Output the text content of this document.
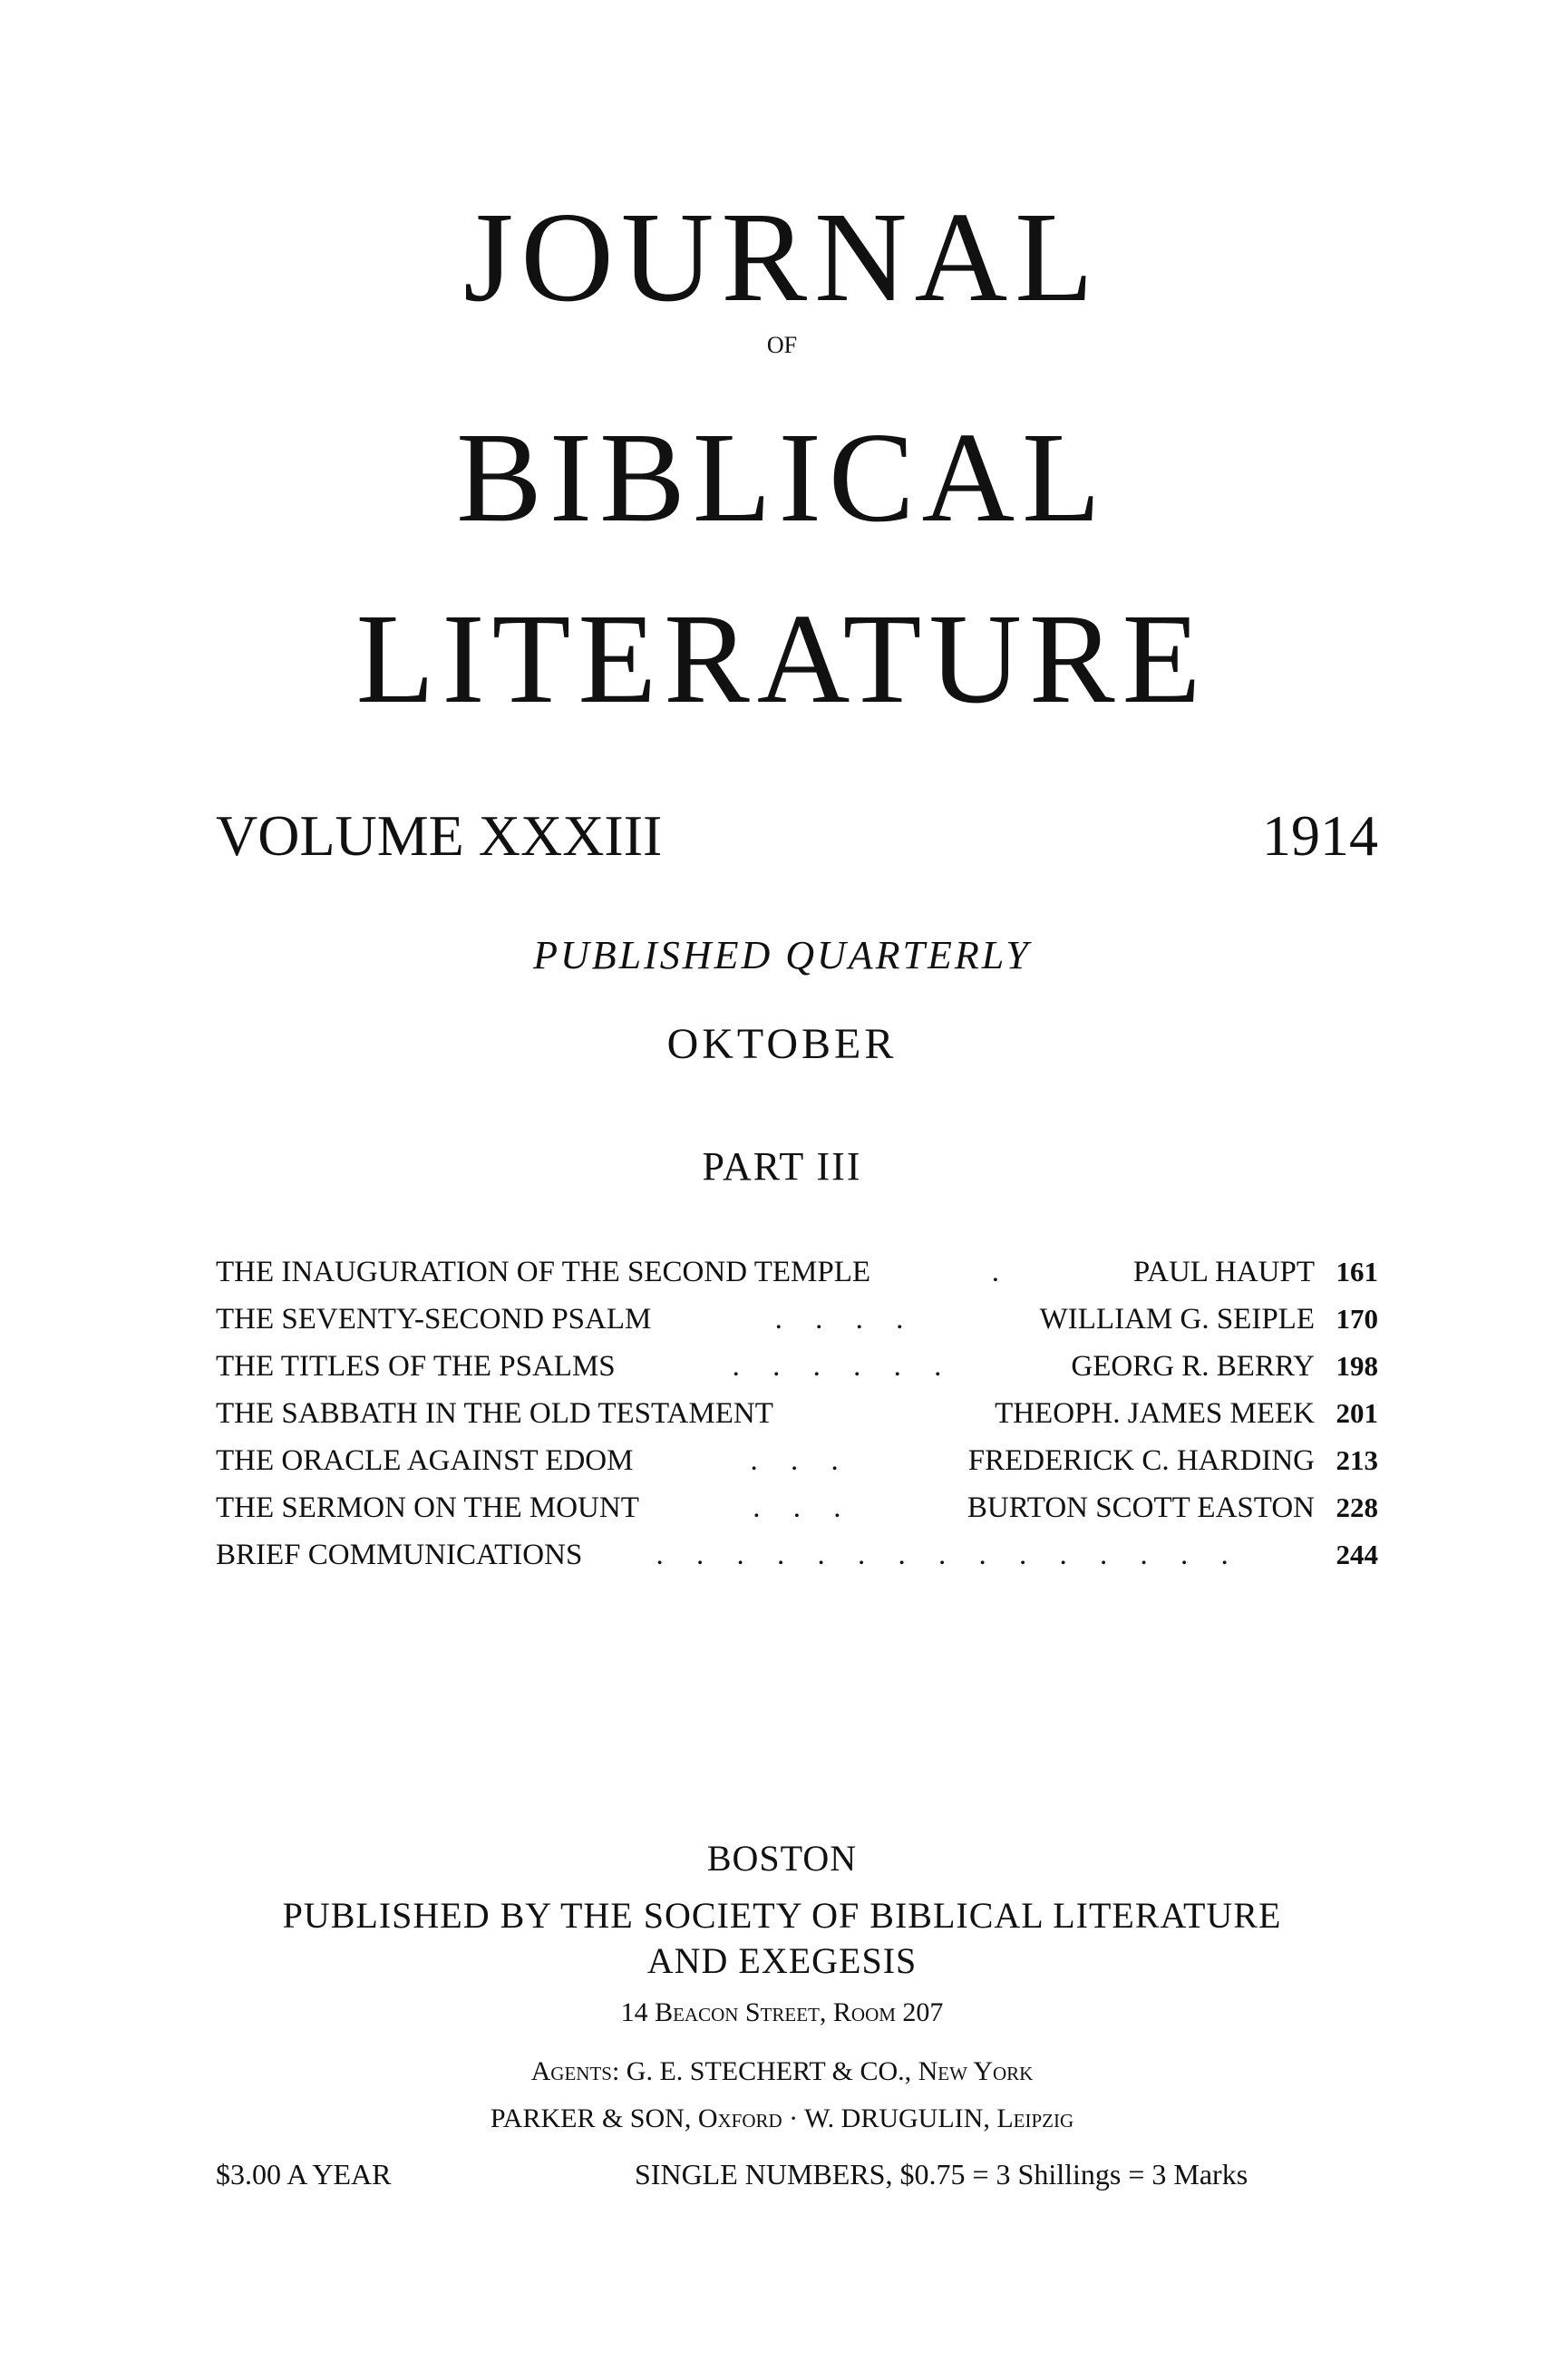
JOURNAL
OF
BIBLICAL
LITERATURE
VOLUME XXXIII	1914
PUBLISHED QUARTERLY
OKTOBER
PART III
THE INAUGURATION OF THE SECOND TEMPLE	.	PAUL HAUPT 161
THE SEVENTY-SECOND PSALM	. . . .	WILLIAM G. SEIPLE 170
THE TITLES OF THE PSALMS	. . . . . .	GEORG R. BERRY 198
THE SABBATH IN THE OLD TESTAMENT	THEOPH. JAMES MEEK 201
THE ORACLE AGAINST EDOM	. . .	FREDERICK C. HARDING 213
THE SERMON ON THE MOUNT	. . .	BURTON SCOTT EASTON 228
BRIEF COMMUNICATIONS	. . . . . . . . . . . . . . .	244
BOSTON
PUBLISHED BY THE SOCIETY OF BIBLICAL LITERATURE
AND EXEGESIS
14 Beacon Street, Room 207
Agents: G. E. STECHERT & CO., New York
PARKER & SON, Oxford · W. DRUGULIN, Leipzig
$3.00 A YEAR	SINGLE NUMBERS, $0.75 = 3 Shillings = 3 Marks
